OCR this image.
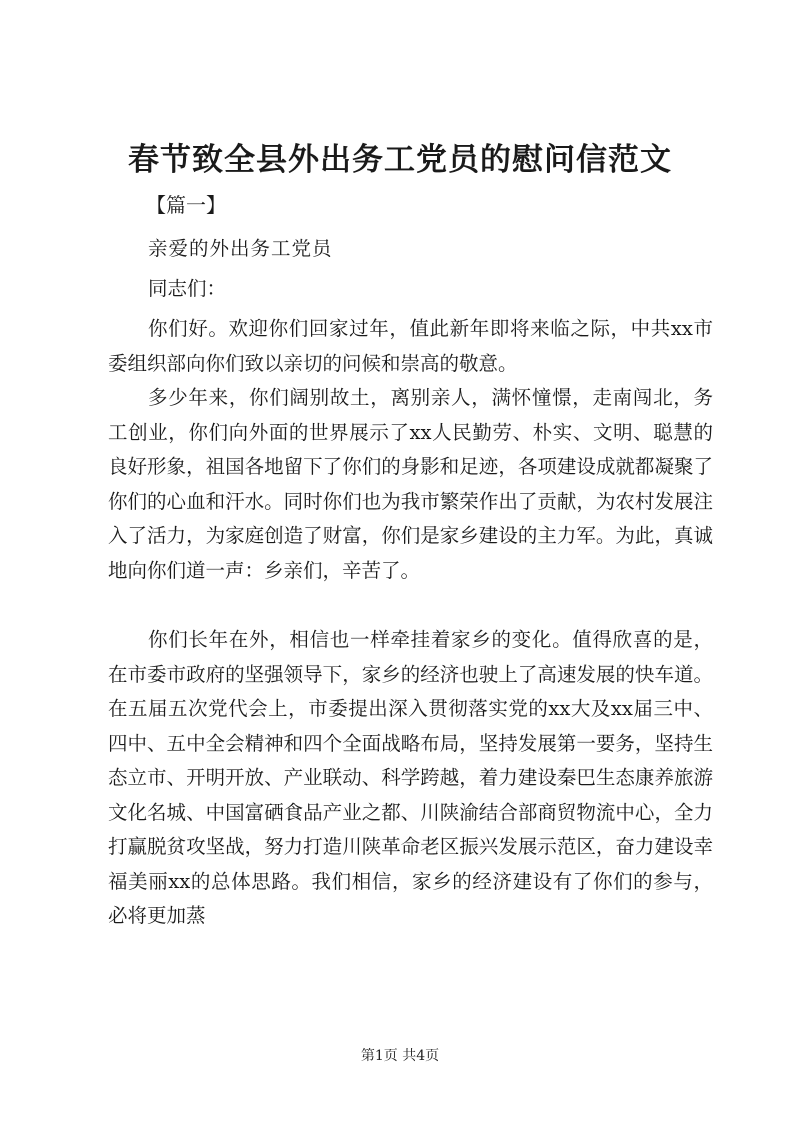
春节致全县外出务工党员的慰问信范文
【篇一】
亲爱的外出务工党员
同志们：
你们好。欢迎你们回家过年，值此新年即将来临之际，中共xx市委组织部向你们致以亲切的问候和崇高的敬意。
多少年来，你们阔别故土，离别亲人，满怀憧憬，走南闯北，务工创业，你们向外面的世界展示了xx人民勤劳、朴实、文明、聪慧的良好形象，祖国各地留下了你们的身影和足迹，各项建设成就都凝聚了你们的心血和汗水。同时你们也为我市繁荣作出了贡献，为农村发展注入了活力，为家庭创造了财富，你们是家乡建设的主力军。为此，真诚地向你们道一声：乡亲们，辛苦了。
你们长年在外，相信也一样牵挂着家乡的变化。值得欣喜的是，在市委市政府的坚强领导下，家乡的经济也驶上了高速发展的快车道。在五届五次党代会上，市委提出深入贯彻落实党的xx大及xx届三中、四中、五中全会精神和四个全面战略布局，坚持发展第一要务，坚持生态立市、开明开放、产业联动、科学跨越，着力建设秦巴生态康养旅游文化名城、中国富硒食品产业之都、川陕渝结合部商贸物流中心，全力打赢脱贫攻坚战，努力打造川陕革命老区振兴发展示范区，奋力建设幸福美丽xx的总体思路。我们相信，家乡的经济建设有了你们的参与，必将更加蒸
第1页 共4页
